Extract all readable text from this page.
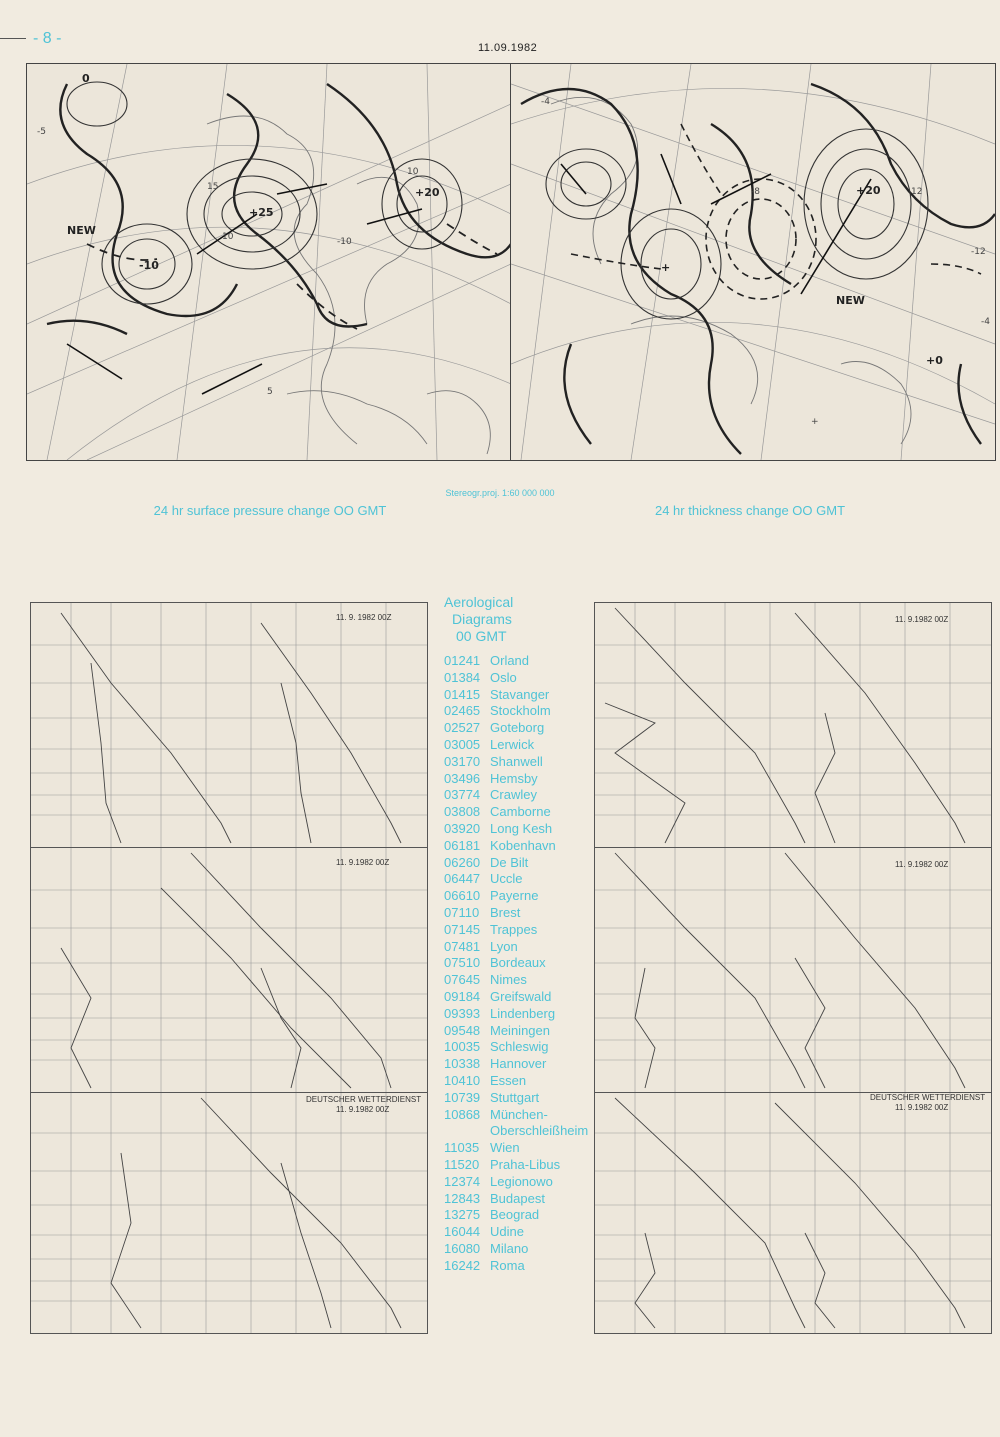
- 8 -
11.09.1982
+25
+20
NEW
-10
0
-5
15
10	-10
5
10
+20
NEW
+0
+
12
-8
-12
-4
-4
+
Stereogr.proj. 1:60 000 000
24 hr surface pressure change OO GMT	24 hr thickness change OO GMT
11. 9. 1982 00Z
11. 9.1982 00Z
DEUTSCHER WETTERDIENST
11. 9.1982 00Z
11. 9.1982 00Z
11. 9.1982 00Z
DEUTSCHER WETTERDIENST
11. 9.1982 00Z
Aerological
Diagrams
00 GMT
01241 Orland
01384 Oslo
01415 Stavanger
02465 Stockholm
02527 Goteborg
03005 Lerwick
03170 Shanwell
03496 Hemsby
03774 Crawley
03808 Camborne
03920 Long Kesh
06181 Kobenhavn
06260 De Bilt
06447 Uccle
06610 Payerne
07110 Brest
07145 Trappes
07481 Lyon
07510 Bordeaux
07645 Nimes
09184 Greifswald
09393 Lindenberg
09548 Meiningen
10035 Schleswig
10338 Hannover
10410 Essen
10739 Stuttgart
10868 München-
Oberschleißheim
11035 Wien
11520 Praha-Libus
12374 Legionowo
12843 Budapest
13275 Beograd
16044 Udine
16080 Milano
16242 Roma
